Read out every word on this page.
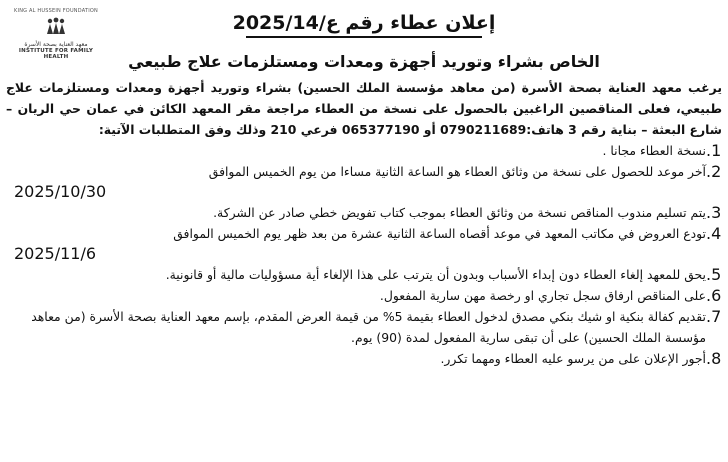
KING AL HUSSEIN FOUNDATION
معهد العناية بصحة الأسرة
INSTITUTE FOR FAMILY HEALTH
إعلان عطاء رقم ع/2025/14
الخاص بشراء وتوريد أجهزة ومعدات ومستلزمات علاج طبيعي
يرغب معهد العناية بصحة الأسرة (من معاهد مؤسسة الملك الحسين) بشراء وتوريد أجهزة ومعدات ومستلزمات علاج طبيعي، فعلى المناقصين الراغبين بالحصول على نسخة من العطاء مراجعة مقر المعهد الكائن في عمان حي الريان – شارع البعثة – بناية رقم 3 هاتف:0790211689 أو 065377190 فرعي 210 وذلك وفق المتطلبات الآتية:
1.
نسخة العطاء مجانا .
2.
آخر موعد للحصول على نسخة من وثائق العطاء هو الساعة الثانية مساءا من يوم الخميس الموافق
2025/10/30
3.
يتم تسليم مندوب المناقص نسخة من وثائق العطاء بموجب كتاب تفويض خطي صادر عن الشركة.
4.
تودع العروض في مكاتب المعهد في موعد أقصاه الساعة الثانية عشرة من بعد ظهر يوم الخميس الموافق
2025/11/6
5.
يحق للمعهد إلغاء العطاء دون إبداء الأسباب وبدون أن يترتب على هذا الإلغاء أية مسؤوليات مالية أو قانونية.
6.
على المناقص ارفاق سجل تجاري او رخصة مهن سارية المفعول.
7.
تقديم كفالة بنكية او شيك بنكي مصدق لدخول العطاء بقيمة 5% من قيمة العرض المقدم، بإسم معهد العناية بصحة الأسرة (من معاهد مؤسسة الملك الحسين) على أن تبقى سارية المفعول لمدة (90) يوم.
8.
أجور الإعلان على من يرسو عليه العطاء ومهما تكرر.
